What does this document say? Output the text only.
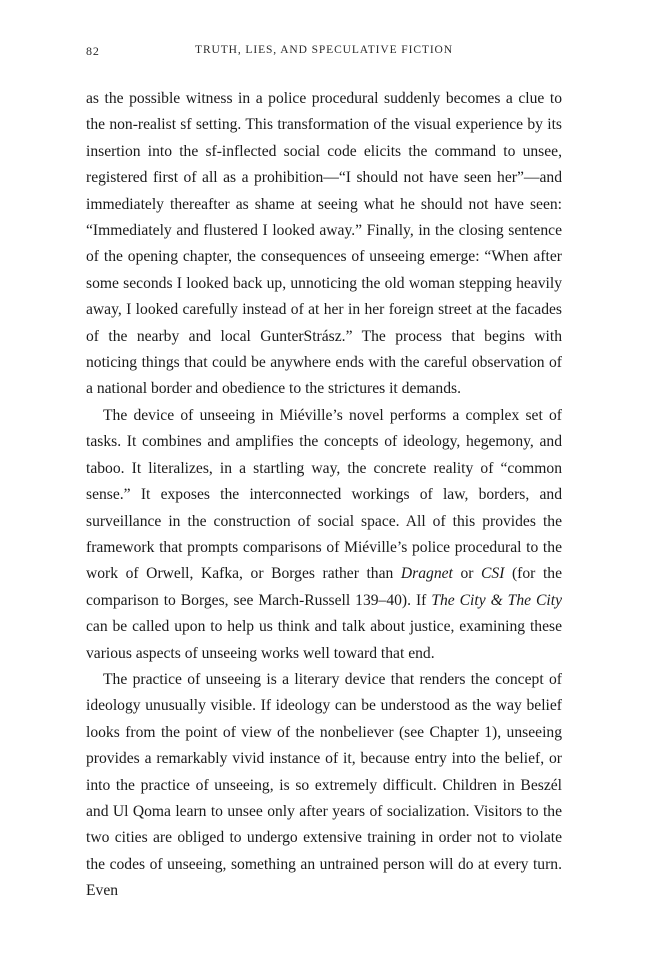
82	TRUTH, LIES, AND SPECULATIVE FICTION

as the possible witness in a police procedural suddenly becomes a clue to the non-realist sf setting. This transformation of the visual experience by its insertion into the sf-inflected social code elicits the command to unsee, registered first of all as a prohibition—“I should not have seen her”—and immediately thereafter as shame at seeing what he should not have seen: “Immediately and flustered I looked away.” Finally, in the closing sentence of the opening chapter, the consequences of unseeing emerge: “When after some seconds I looked back up, unnoticing the old woman stepping heavily away, I looked carefully instead of at her in her foreign street at the facades of the nearby and local GunterStrász.” The process that begins with noticing things that could be anywhere ends with the careful observation of a national border and obedience to the strictures it demands.

The device of unseeing in Miéville’s novel performs a complex set of tasks. It combines and amplifies the concepts of ideology, hegemony, and taboo. It literalizes, in a startling way, the concrete reality of “common sense.” It exposes the interconnected workings of law, borders, and surveillance in the construction of social space. All of this provides the framework that prompts comparisons of Miéville’s police procedural to the work of Orwell, Kafka, or Borges rather than Dragnet or CSI (for the comparison to Borges, see March-Russell 139–40). If The City & The City can be called upon to help us think and talk about justice, examining these various aspects of unseeing works well toward that end.

The practice of unseeing is a literary device that renders the concept of ideology unusually visible. If ideology can be understood as the way belief looks from the point of view of the nonbeliever (see Chapter 1), unseeing provides a remarkably vivid instance of it, because entry into the belief, or into the practice of unseeing, is so extremely difficult. Children in Beszél and Ul Qoma learn to unsee only after years of socialization. Visitors to the two cities are obliged to undergo extensive training in order not to violate the codes of unseeing, something an untrained person will do at every turn. Even
